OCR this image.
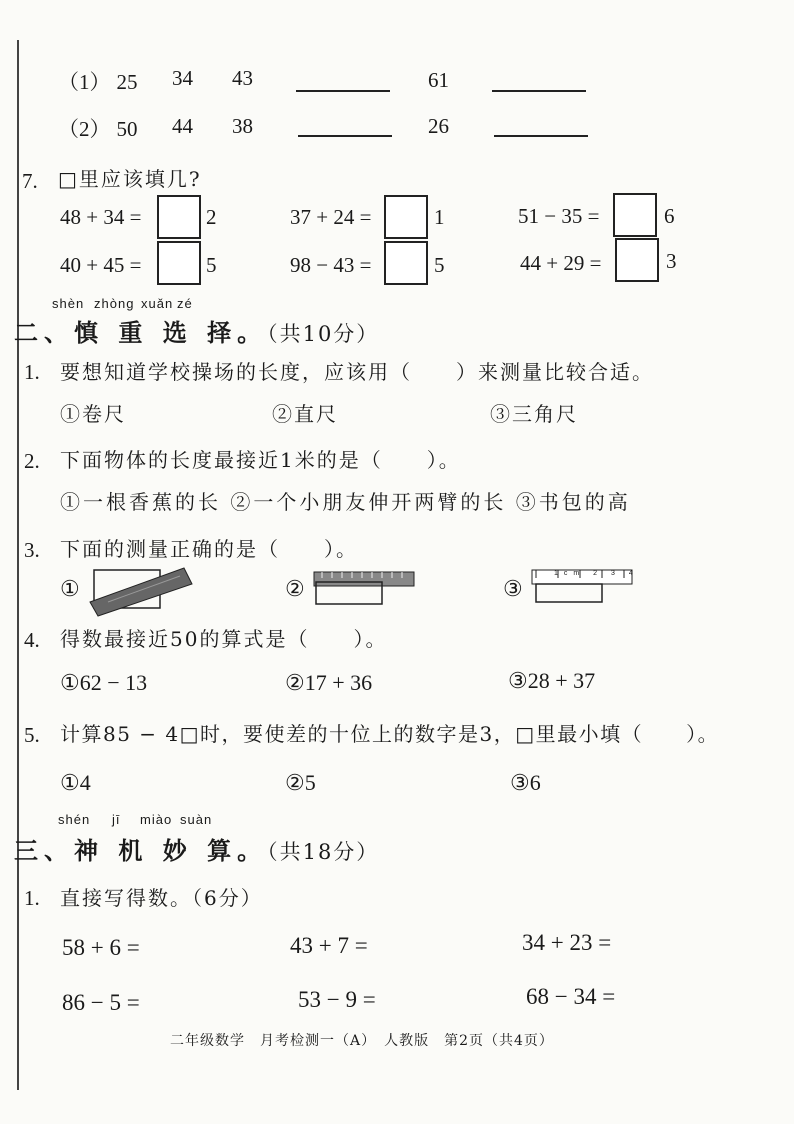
（1） 25 34 43	61
（2） 50 44 38	26
7. □里应该填几?
48 + 34 =	2	37 + 24 =	1	51 − 35 =	6
40 + 45 =	5	98 − 43 =	5	44 + 29 =	3
shèn zhòng xuǎn zé
二、慎 重 选 择。（共10分）
1. 要想知道学校操场的长度，应该用（　　）来测量比较合适。
①卷尺	②直尺	③三角尺
2. 下面物体的长度最接近1米的是（　　）。
①一根香蕉的长 ②一个小朋友伸开两臂的长 ③书包的高
3. 下面的测量正确的是（　　）。
①	②	③
1cm 2 3 4
4. 得数最接近50的算式是（　　）。
①62 − 13	②17 + 36	③28 + 37
5. 计算85 − 4□时，要使差的十位上的数字是3，□里最小填（　　）。
①4	②5	③6
shén jī miào suàn
三、神 机 妙 算。（共18分）
1. 直接写得数。（6分）
58 + 6 =	43 + 7 =	34 + 23 =
86 − 5 =	53 − 9 =	68 − 34 =
二年级数学　月考检测一（A）　人教版　第2页（共4页）
